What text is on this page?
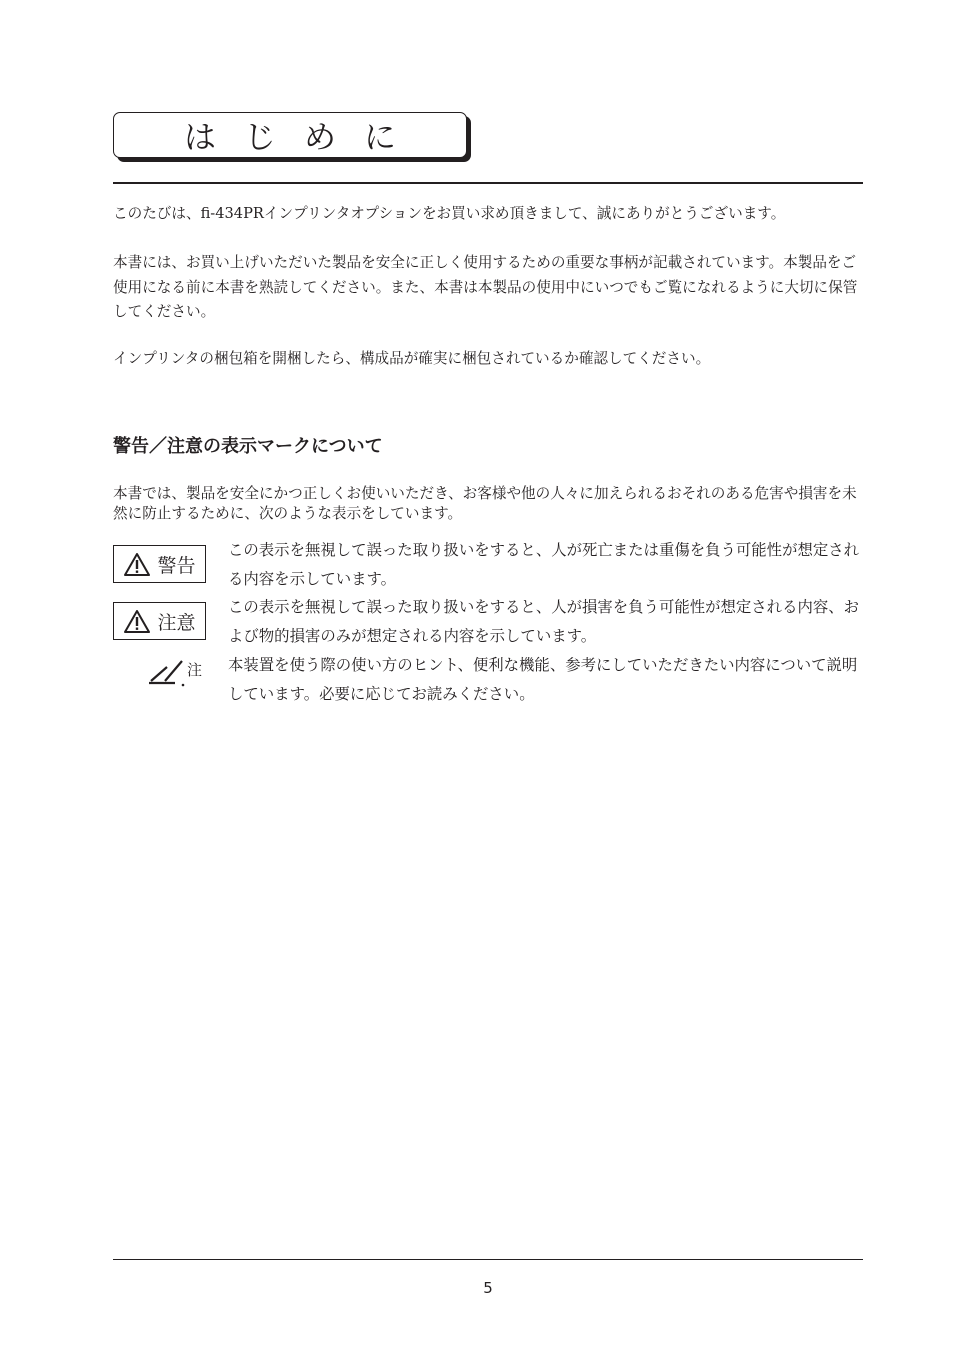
はじめに
このたびは、fi-434PRインプリンタオプションをお買い求め頂きまして、誠にありがとうございます。
本書には、お買い上げいただいた製品を安全に正しく使用するための重要な事柄が記載されています。本製品をご使用になる前に本書を熟読してください。また、本書は本製品の使用中にいつでもご覧になれるように大切に保管してください。
インプリンタの梱包箱を開梱したら、構成品が確実に梱包されているか確認してください。
警告／注意の表示マークについて
本書では、製品を安全にかつ正しくお使いいただき、お客様や他の人々に加えられるおそれのある危害や損害を未然に防止するために、次のような表示をしています。
警告
この表示を無視して誤った取り扱いをすると、人が死亡または重傷を負う可能性が想定される内容を示しています。
注意
この表示を無視して誤った取り扱いをすると、人が損害を負う可能性が想定される内容、および物的損害のみが想定される内容を示しています。
注 本装置を使う際の使い方のヒント、便利な機能、参考にしていただきたい内容について説明しています。必要に応じてお読みください。
5
